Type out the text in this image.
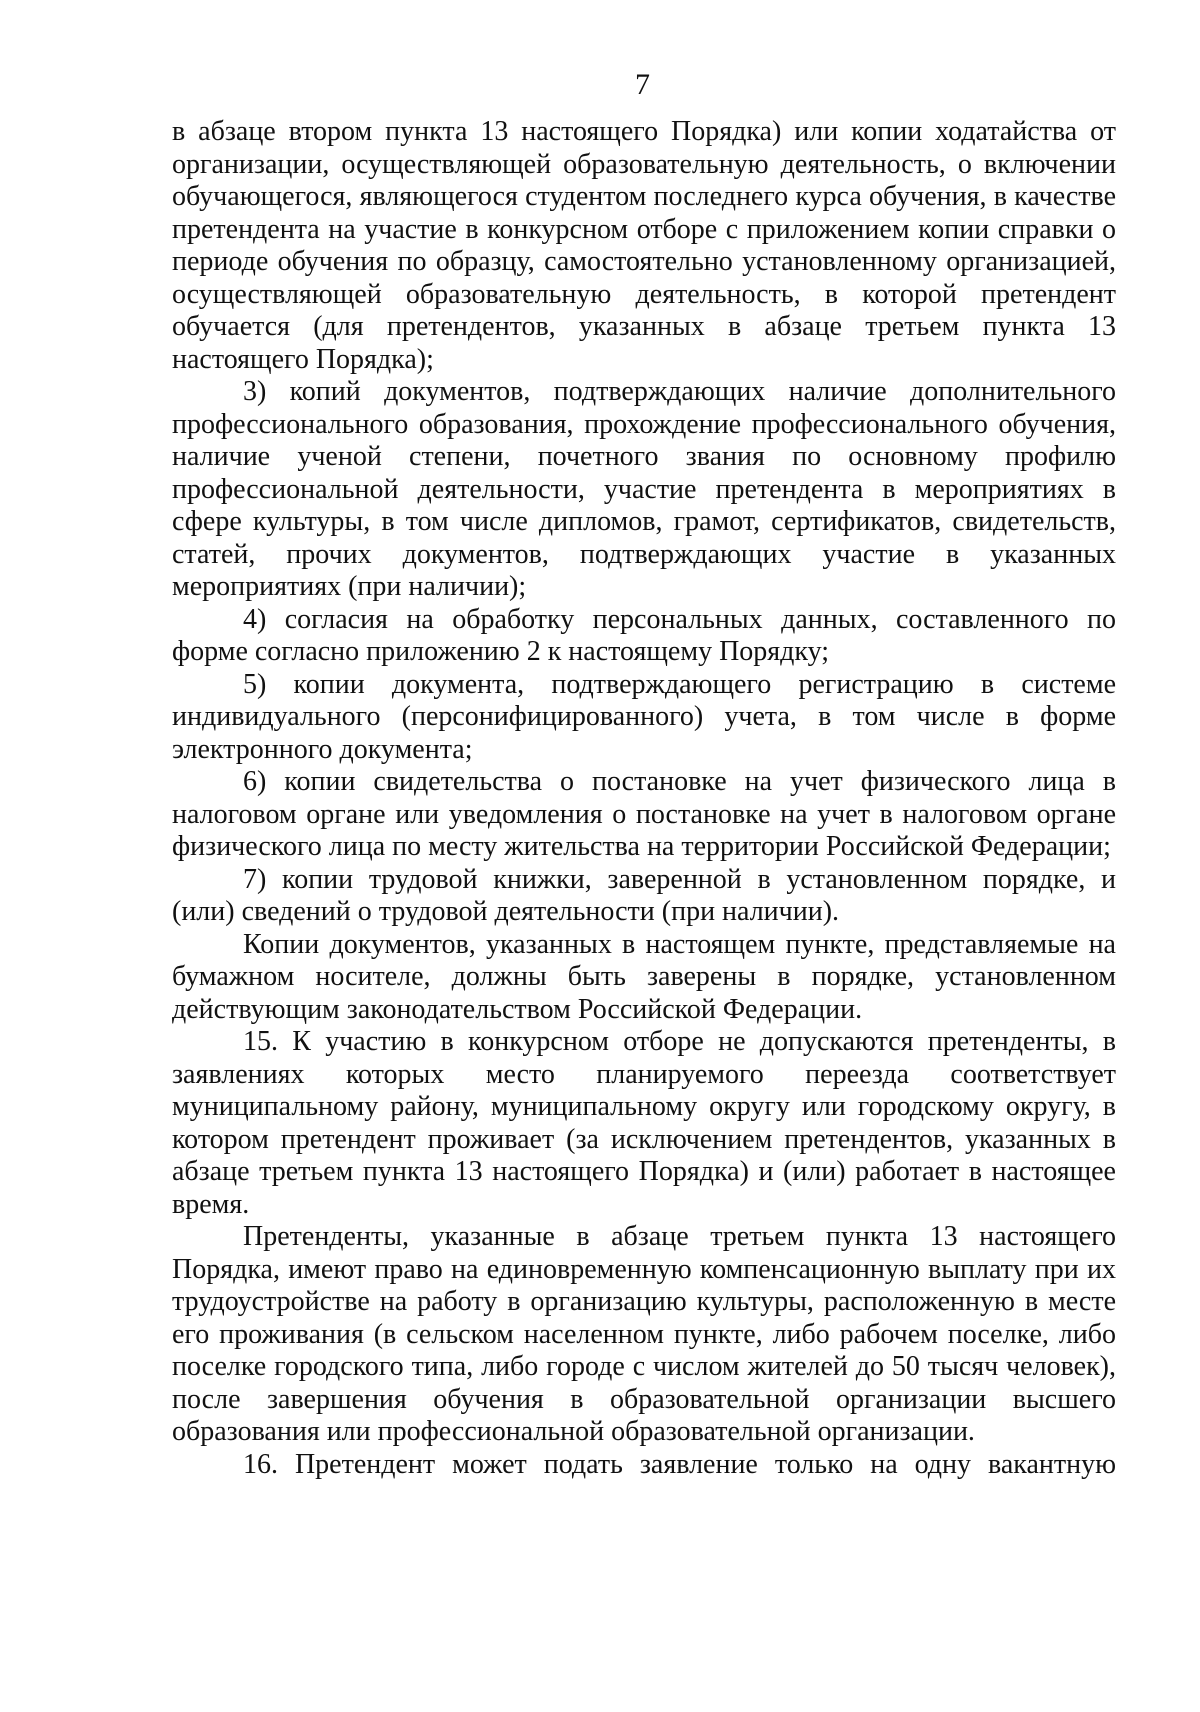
7

в абзаце втором пункта 13 настоящего Порядка) или копии ходатайства от организации, осуществляющей образовательную деятельность, о включении обучающегося, являющегося студентом последнего курса обучения, в качестве претендента на участие в конкурсном отборе с приложением копии справки о периоде обучения по образцу, самостоятельно установленному организацией, осуществляющей образовательную деятельность, в которой претендент обучается (для претендентов, указанных в абзаце третьем пункта 13 настоящего Порядка);

3) копий документов, подтверждающих наличие дополнительного профессионального образования, прохождение профессионального обучения, наличие ученой степени, почетного звания по основному профилю профессиональной деятельности, участие претендента в мероприятиях в сфере культуры, в том числе дипломов, грамот, сертификатов, свидетельств, статей, прочих документов, подтверждающих участие в указанных мероприятиях (при наличии);

4) согласия на обработку персональных данных, составленного по форме согласно приложению 2 к настоящему Порядку;

5) копии документа, подтверждающего регистрацию в системе индивидуального (персонифицированного) учета, в том числе в форме электронного документа;

6) копии свидетельства о постановке на учет физического лица в налоговом органе или уведомления о постановке на учет в налоговом органе физического лица по месту жительства на территории Российской Федерации;

7) копии трудовой книжки, заверенной в установленном порядке, и (или) сведений о трудовой деятельности (при наличии).

Копии документов, указанных в настоящем пункте, представляемые на бумажном носителе, должны быть заверены в порядке, установленном действующим законодательством Российской Федерации.

15. К участию в конкурсном отборе не допускаются претенденты, в заявлениях которых место планируемого переезда соответствует муниципальному району, муниципальному округу или городскому округу, в котором претендент проживает (за исключением претендентов, указанных в абзаце третьем пункта 13 настоящего Порядка) и (или) работает в настоящее время.

Претенденты, указанные в абзаце третьем пункта 13 настоящего Порядка, имеют право на единовременную компенсационную выплату при их трудоустройстве на работу в организацию культуры, расположенную в месте его проживания (в сельском населенном пункте, либо рабочем поселке, либо поселке городского типа, либо городе с числом жителей до 50 тысяч человек), после завершения обучения в образовательной организации высшего образования или профессиональной образовательной организации.

16. Претендент может подать заявление только на одну вакантную
